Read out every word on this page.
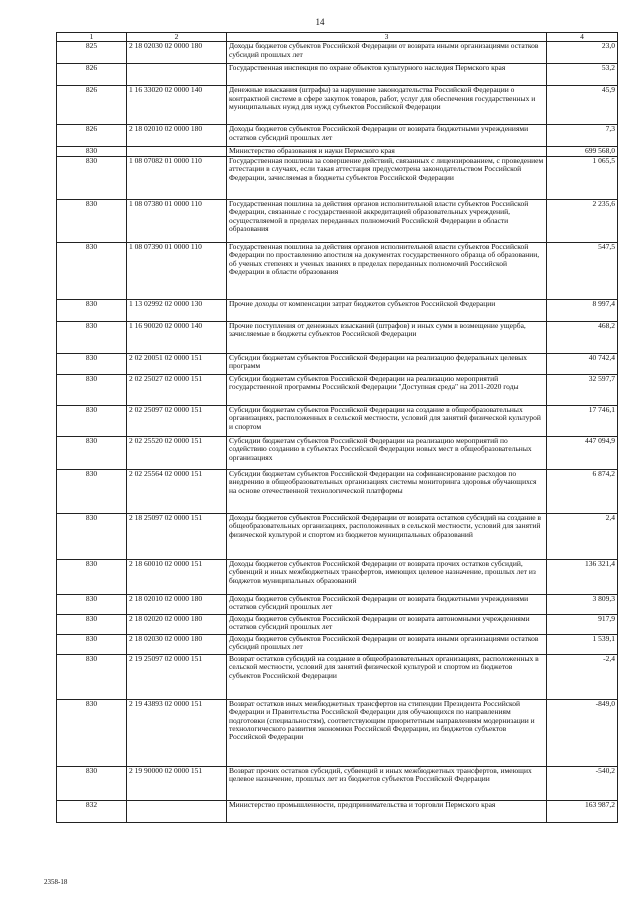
14
1	2	3	4
825	2 18 02030 02 0000 180	Доходы бюджетов субъектов Российской Федерации от возврата иными организациями остатков субсидий прошлых лет	23,0
826		Государственная инспекция по охране объектов культурного наследия Пермского края	53,2
826	1 16 33020 02 0000 140	Денежные взыскания (штрафы) за нарушение законодательства Российской Федерации о контрактной системе в сфере закупок товаров, работ, услуг для обеспечения государственных и муниципальных нужд для нужд субъектов Российской Федерации	45,9
826	2 18 02010 02 0000 180	Доходы бюджетов субъектов Российской Федерации от возврата бюджетными учреждениями остатков субсидий прошлых лет	7,3
830		Министерство образования и науки Пермского края	699 568,0
830	1 08 07082 01 0000 110	Государственная пошлина за совершение действий, связанных с лицензированием, с проведением аттестации в случаях, если такая аттестация предусмотрена законодательством Российской Федерации, зачисляемая в бюджеты субъектов Российской Федерации	1 065,5
830	1 08 07380 01 0000 110	Государственная пошлина за действия органов исполнительной власти субъектов Российской Федерации, связанные с государственной аккредитацией образовательных учреждений, осуществляемой в пределах переданных полномочий Российской Федерации в области образования	2 235,6
830	1 08 07390 01 0000 110	Государственная пошлина за действия органов исполнительной власти субъектов Российской Федерации по проставлению апостиля на документах государственного образца об образовании, об ученых степенях и ученых званиях в пределах переданных полномочий Российской Федерации в области образования	547,5
830	1 13 02992 02 0000 130	Прочие доходы от компенсации затрат бюджетов субъектов Российской Федерации	8 997,4
830	1 16 90020 02 0000 140	Прочие поступления от денежных взысканий (штрафов) и иных сумм в возмещение ущерба, зачисляемые в бюджеты субъектов Российской Федерации	468,2
830	2 02 20051 02 0000 151	Субсидии бюджетам субъектов Российской Федерации на реализацию федеральных целевых программ	40 742,4
830	2 02 25027 02 0000 151	Субсидии бюджетам субъектов Российской Федерации на реализацию мероприятий государственной программы Российской Федерации "Доступная среда" на 2011-2020 годы	32 597,7
830	2 02 25097 02 0000 151	Субсидии бюджетам субъектов Российской Федерации на создание в общеобразовательных организациях, расположенных в сельской местности, условий для занятий физической культурой и спортом	17 746,1
830	2 02 25520 02 0000 151	Субсидии бюджетам субъектов Российской Федерации на реализацию мероприятий по содействию созданию в субъектах Российской Федерации новых мест в общеобразовательных организациях	447 094,9
830	2 02 25564 02 0000 151	Субсидии бюджетам субъектов Российской Федерации на софинансирование расходов по внедрению в общеобразовательных организациях системы мониторинга здоровья обучающихся на основе отечественной технологической платформы	6 874,2
830	2 18 25097 02 0000 151	Доходы бюджетов субъектов Российской Федерации от возврата остатков субсидий на создание в общеобразовательных организациях, расположенных в сельской местности, условий для занятий физической культурой и спортом из бюджетов муниципальных образований	2,4
830	2 18 60010 02 0000 151	Доходы бюджетов субъектов Российской Федерации от возврата прочих остатков субсидий, субвенций и иных межбюджетных трансфертов, имеющих целевое назначение, прошлых лет из бюджетов муниципальных образований	136 321,4
830	2 18 02010 02 0000 180	Доходы бюджетов субъектов Российской Федерации от возврата бюджетными учреждениями остатков субсидий прошлых лет	3 809,3
830	2 18 02020 02 0000 180	Доходы бюджетов субъектов Российской Федерации от возврата автономными учреждениями остатков субсидий прошлых лет	917,9
830	2 18 02030 02 0000 180	Доходы бюджетов субъектов Российской Федерации от возврата иными организациями остатков субсидий прошлых лет	1 539,1
830	2 19 25097 02 0000 151	Возврат остатков субсидий на создание в общеобразовательных организациях, расположенных в сельской местности, условий для занятий физической культурой и спортом из бюджетов субъектов Российской Федерации	-2,4
830	2 19 43893 02 0000 151	Возврат остатков иных межбюджетных трансфертов на стипендии Президента Российской Федерации и Правительства Российской Федерации для обучающихся по направлениям подготовки (специальностям), соответствующим приоритетным направлениям модернизации и технологического развития экономики Российской Федерации, из бюджетов субъектов Российской Федерации	-849,0
830	2 19 90000 02 0000 151	Возврат прочих остатков субсидий, субвенций и иных межбюджетных трансфертов, имеющих целевое назначение, прошлых лет из бюджетов субъектов Российской Федерации	-540,2
832		Министерство промышленности, предпринимательства и торговли Пермского края	163 987,2
2358-18
